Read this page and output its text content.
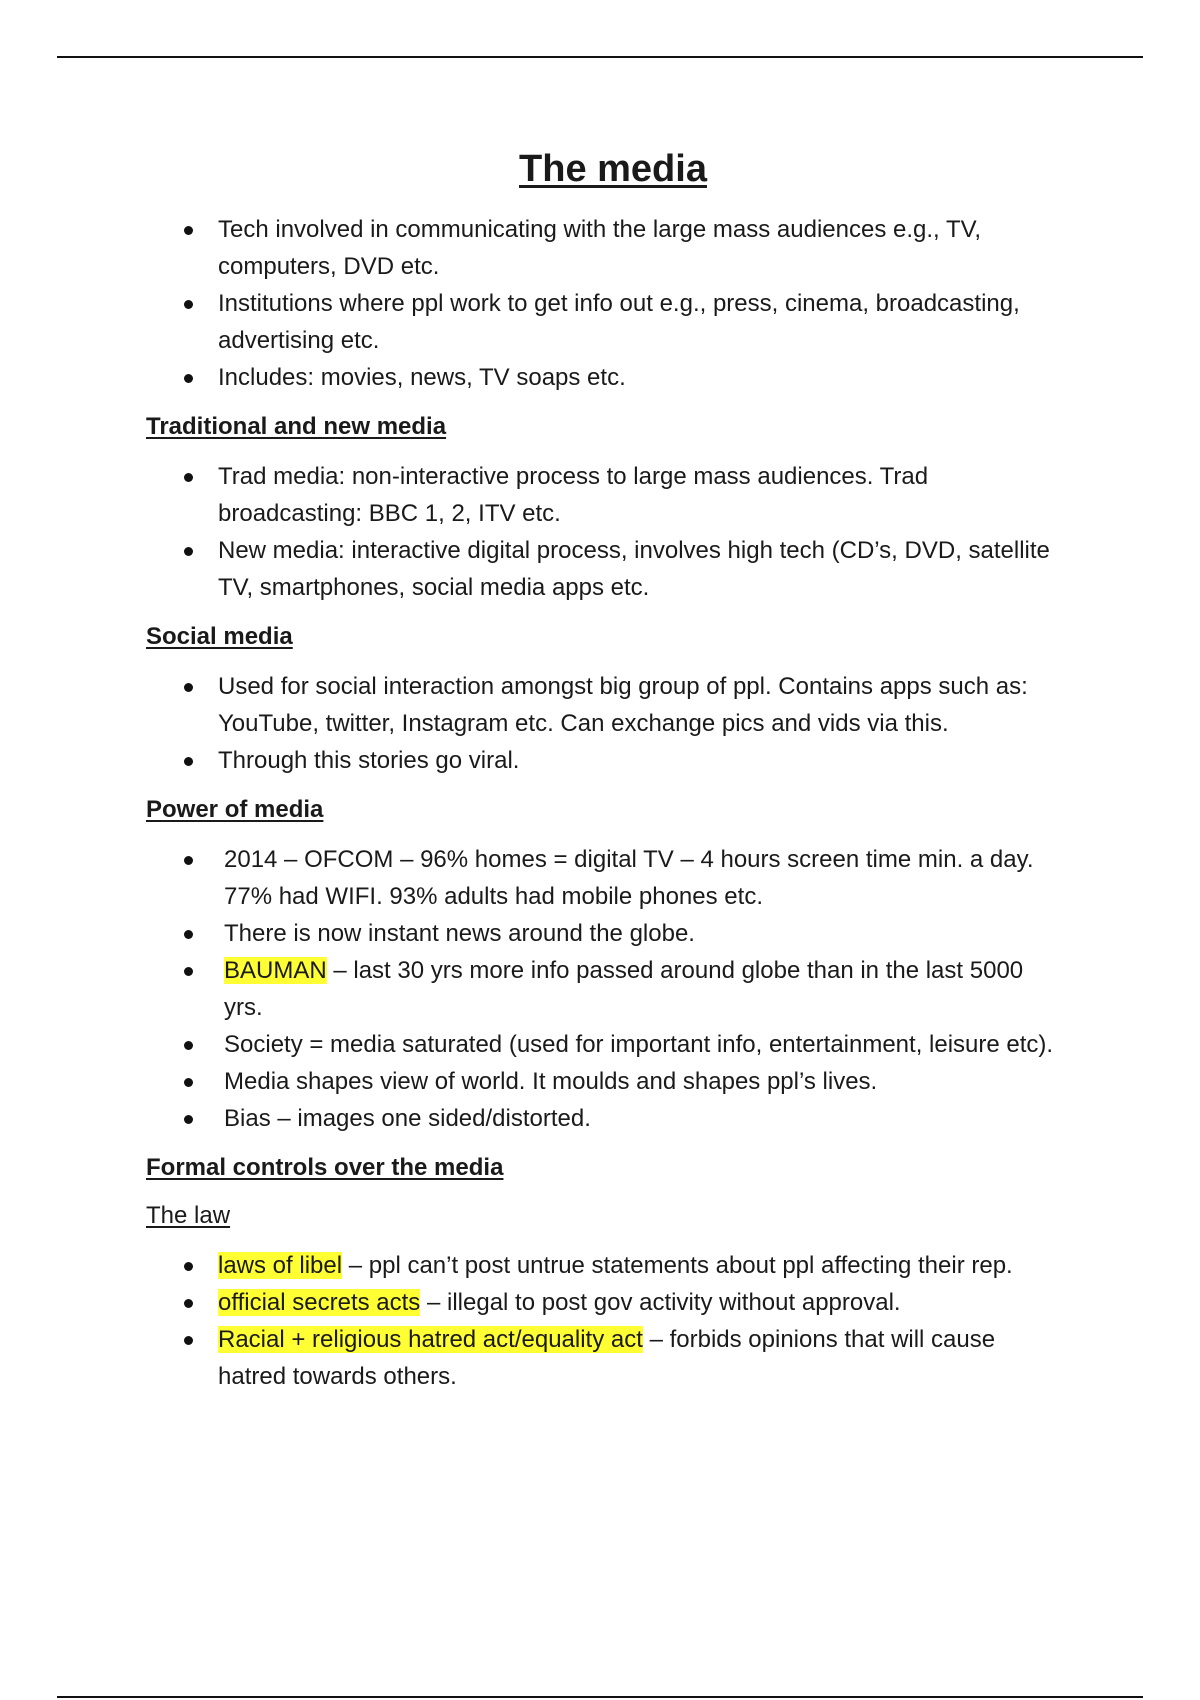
The media
Tech involved in communicating with the large mass audiences e.g., TV, computers, DVD etc.
Institutions where ppl work to get info out e.g., press, cinema, broadcasting, advertising etc.
Includes: movies, news, TV soaps etc.
Traditional and new media
Trad media: non-interactive process to large mass audiences. Trad broadcasting: BBC 1, 2, ITV etc.
New media: interactive digital process, involves high tech (CD’s, DVD, satellite TV, smartphones, social media apps etc.
Social media
Used for social interaction amongst big group of ppl. Contains apps such as: YouTube, twitter, Instagram etc. Can exchange pics and vids via this.
Through this stories go viral.
Power of media
2014 – OFCOM – 96% homes = digital TV – 4 hours screen time min. a day. 77% had WIFI. 93% adults had mobile phones etc.
There is now instant news around the globe.
BAUMAN – last 30 yrs more info passed around globe than in the last 5000 yrs.
Society = media saturated (used for important info, entertainment, leisure etc).
Media shapes view of world. It moulds and shapes ppl’s lives.
Bias – images one sided/distorted.
Formal controls over the media
The law
laws of libel – ppl can’t post untrue statements about ppl affecting their rep.
official secrets acts – illegal to post gov activity without approval.
Racial + religious hatred act/equality act – forbids opinions that will cause hatred towards others.
